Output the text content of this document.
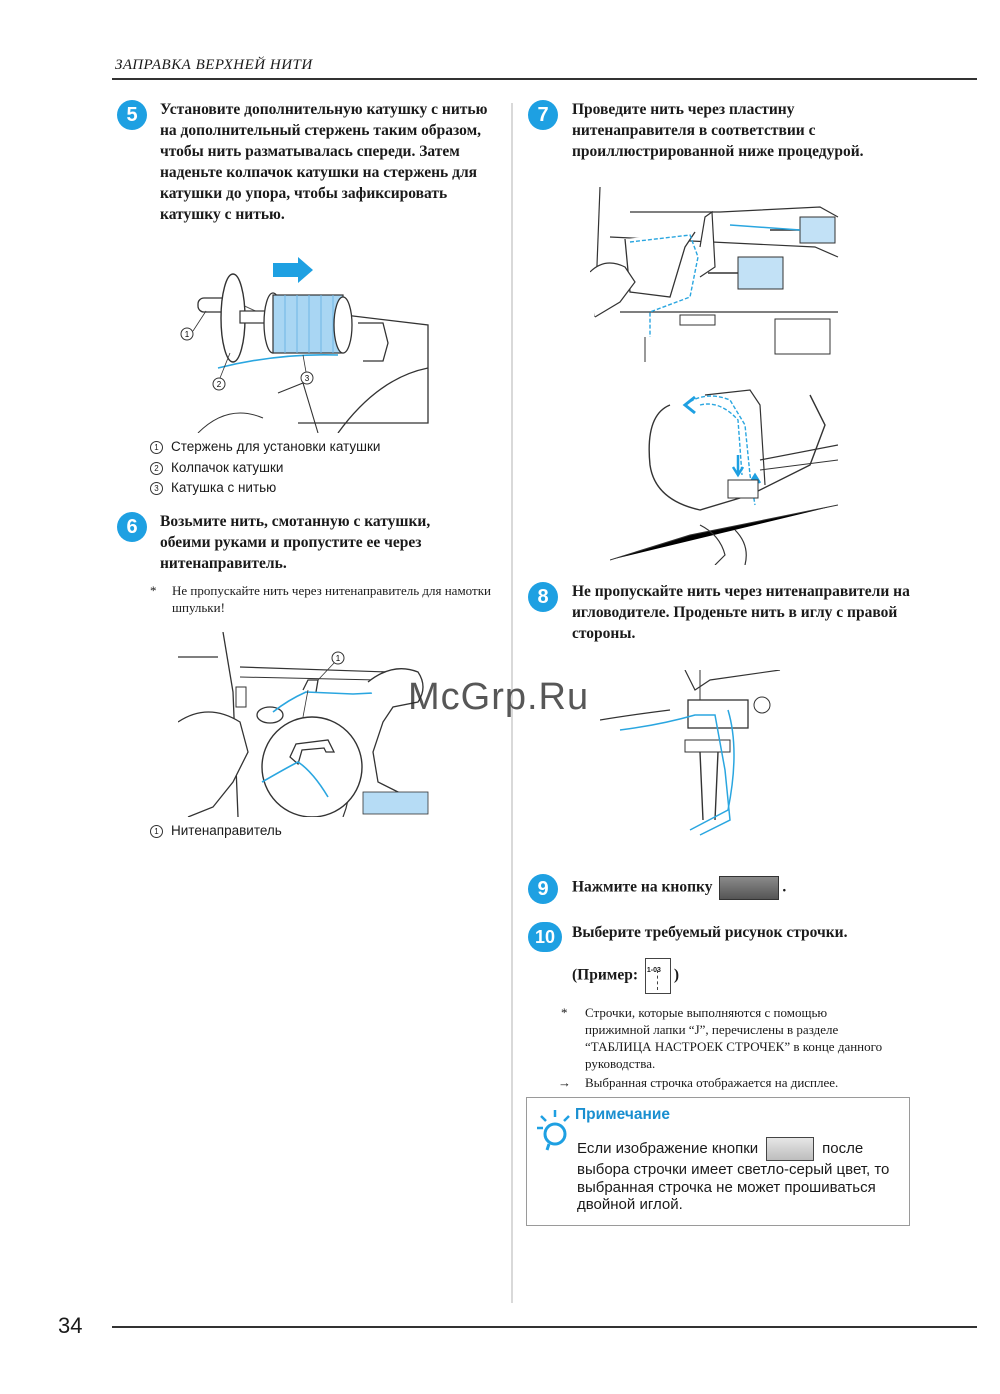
ЗАПРАВКА ВЕРХНЕЙ НИТИ
5	Установите дополнительную катушку с нитью на дополнительный стержень таким образом, чтобы нить разматывалась спереди. Затем наденьте колпачок катушки на стержень для катушки до упора, чтобы зафиксировать катушку с нитью.
1
2
3
1 Стержень для установки катушки
2 Колпачок катушки
3 Катушка с нитью
6	Возьмите нить, смотанную с катушки, обеими руками и пропустите ее через нитенаправитель.
* Не пропускайте нить через нитенаправитель для намотки шпульки!
1
1 Нитенаправитель
7	Проведите нить через пластину нитенаправителя в соответствии с проиллюстрированной ниже процедурой.
8	Не пропускайте нить через нитенаправители на игловодителе. Проденьте нить в иглу с правой стороны.
9	Нажмите на кнопку	.
10	Выберите требуемый рисунок строчки.
(Пример: 1-03 )
* Строчки, которые выполняются с помощью прижимной лапки “J”, перечислены в разделе “ТАБЛИЦА НАСТРОЕК СТРОЧЕК” в конце данного руководства.
→ Выбранная строчка отображается на дисплее.
Примечание
Если изображение кнопки	после выбора строчки имеет светло-серый цвет, то выбранная строчка не может прошиваться двойной иглой.
McGrp.Ru
34
